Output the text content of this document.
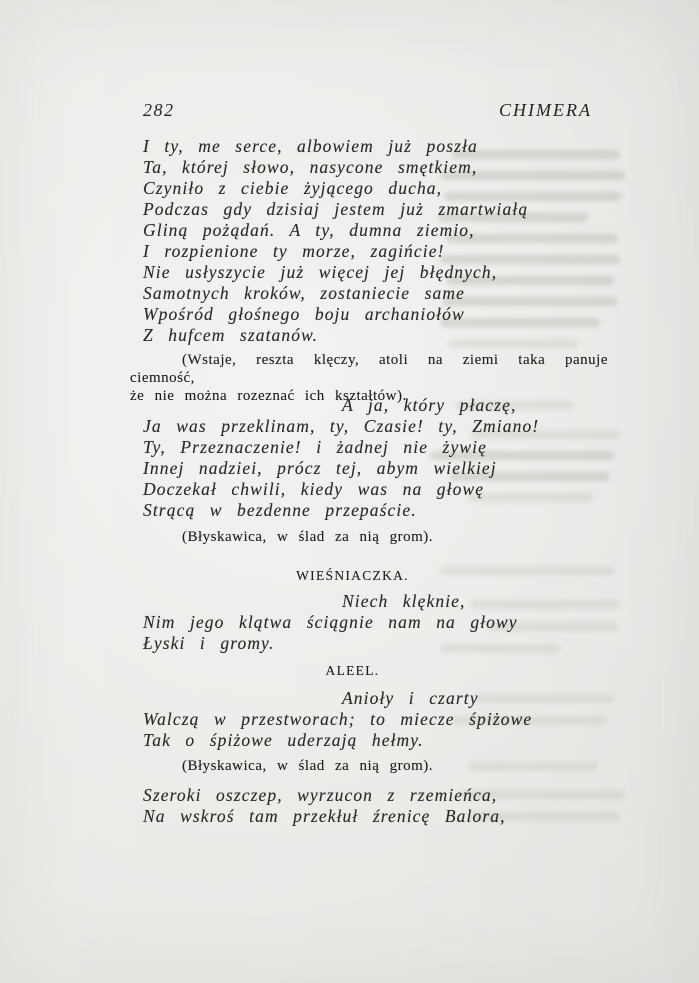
282	CHIMERA
I ty, me serce, albowiem już poszła
Ta, której słowo, nasycone smętkiem,
Czyniło z ciebie żyjącego ducha,
Podczas gdy dzisiaj jestem już zmartwiałą
Gliną pożądań. A ty, dumna ziemio,
I rozpienione ty morze, zagińcie!
Nie usłyszycie już więcej jej błędnych,
Samotnych kroków, zostaniecie same
Wpośród głośnego boju archaniołów
Z hufcem szatanów.
(Wstaje, reszta klęczy, atoli na ziemi taka panuje ciemność,
że nie można rozeznać ich kształtów).
A ja, który płaczę,
Ja was przeklinam, ty, Czasie! ty, Zmiano!
Ty, Przeznaczenie! i żadnej nie żywię
Innej nadziei, prócz tej, abym wielkiej
Doczekał chwili, kiedy was na głowę
Strącą w bezdenne przepaście.
(Błyskawica, w ślad za nią grom).
WIEŚNIACZKA.
Niech klęknie,
Nim jego klątwa ściągnie nam na głowy
Łyski i gromy.
ALEEL.
Anioły i czarty
Walczą w przestworach; to miecze śpiżowe
Tak o śpiżowe uderzają hełmy.
(Błyskawica, w ślad za nią grom).
Szeroki oszczep, wyrzucon z rzemieńca,
Na wskroś tam przekłuł źrenicę Balora,
